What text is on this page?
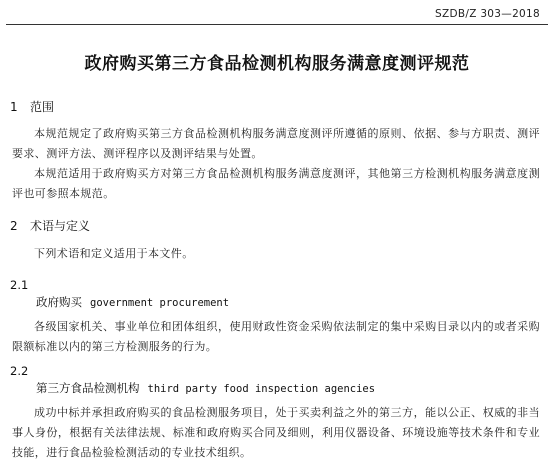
SZDB/Z 303—2018
政府购买第三方食品检测机构服务满意度测评规范
1 范围
本规范规定了政府购买第三方食品检测机构服务满意度测评所遵循的原则、依据、参与方职责、测评要求、测评方法、测评程序以及测评结果与处置。
本规范适用于政府购买方对第三方食品检测机构服务满意度测评，其他第三方检测机构服务满意度测评也可参照本规范。
2 术语与定义
下列术语和定义适用于本文件。
2.1
政府购买 government procurement
各级国家机关、事业单位和团体组织，使用财政性资金采购依法制定的集中采购目录以内的或者采购限额标准以内的第三方检测服务的行为。
2.2
第三方食品检测机构 third party food inspection agencies
成功中标并承担政府购买的食品检测服务项目，处于买卖利益之外的第三方，能以公正、权威的非当事人身份，根据有关法律法规、标准和政府购买合同及细则，利用仪器设备、环境设施等技术条件和专业技能，进行食品检验检测活动的专业技术组织。
